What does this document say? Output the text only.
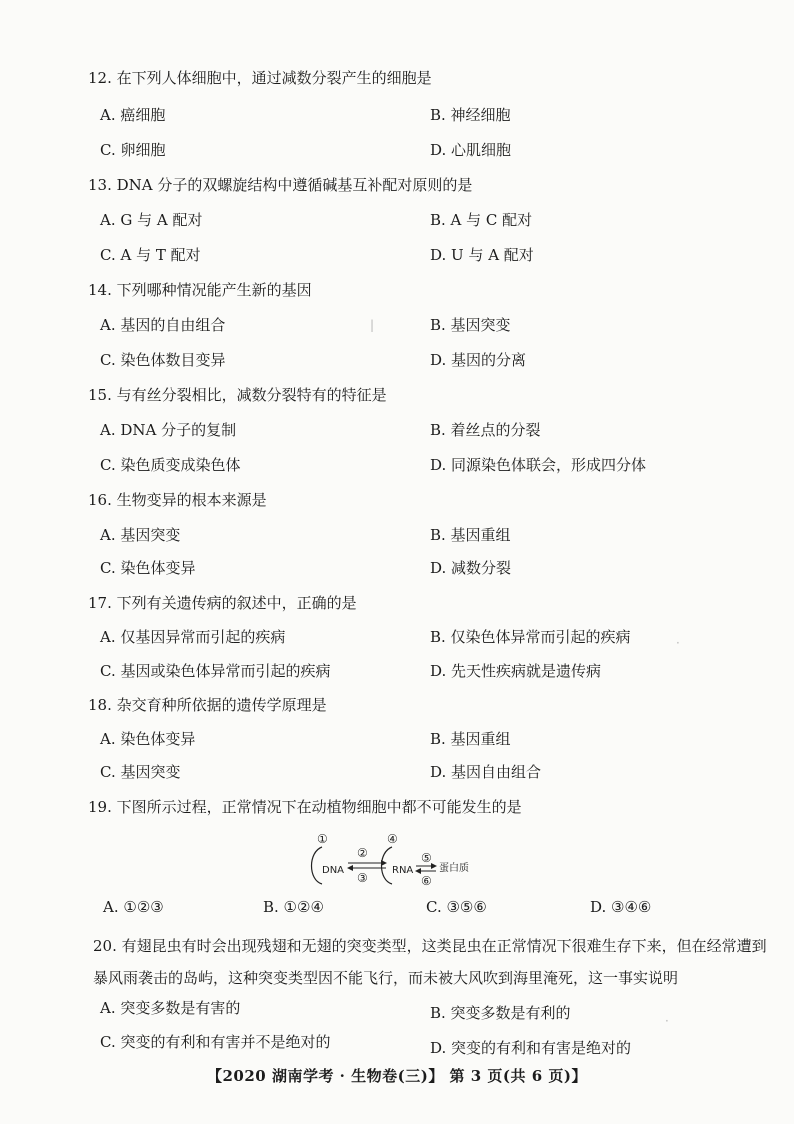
12. 在下列人体细胞中，通过减数分裂产生的细胞是
A. 癌细胞	B. 神经细胞
C. 卵细胞	D. 心肌细胞
13. DNA 分子的双螺旋结构中遵循碱基互补配对原则的是
A. G 与 A 配对	B. A 与 C 配对
C. A 与 T 配对	D. U 与 A 配对
14. 下列哪种情况能产生新的基因
A. 基因的自由组合	B. 基因突变
C. 染色体数目变异	D. 基因的分离
15. 与有丝分裂相比，减数分裂特有的特征是
A. DNA 分子的复制	B. 着丝点的分裂
C. 染色质变成染色体	D. 同源染色体联会，形成四分体
16. 生物变异的根本来源是
A. 基因突变	B. 基因重组
C. 染色体变异	D. 减数分裂
17. 下列有关遗传病的叙述中，正确的是
A. 仅基因异常而引起的疾病	B. 仅染色体异常而引起的疾病
C. 基因或染色体异常而引起的疾病	D. 先天性疾病就是遗传病
18. 杂交育种所依据的遗传学原理是
A. 染色体变异	B. 基因重组
C. 基因突变	D. 基因自由组合
19. 下图所示过程，正常情况下在动植物细胞中都不可能发生的是
①
DNA
②
③
④
RNA
⑤
⑥
蛋白质
A. ①②③	B. ①②④	C. ③⑤⑥	D. ③④⑥
20. 有翅昆虫有时会出现残翅和无翅的突变类型，这类昆虫在正常情况下很难生存下来，但在经常遭到暴风雨袭击的岛屿，这种突变类型因不能飞行，而未被大风吹到海里淹死，这一事实说明
A. 突变多数是有害的	B. 突变多数是有利的
C. 突变的有利和有害并不是绝对的	D. 突变的有利和有害是绝对的
【2020 湖南学考 · 生物卷(三)】 第 3 页(共 6 页)】
|
·
·
